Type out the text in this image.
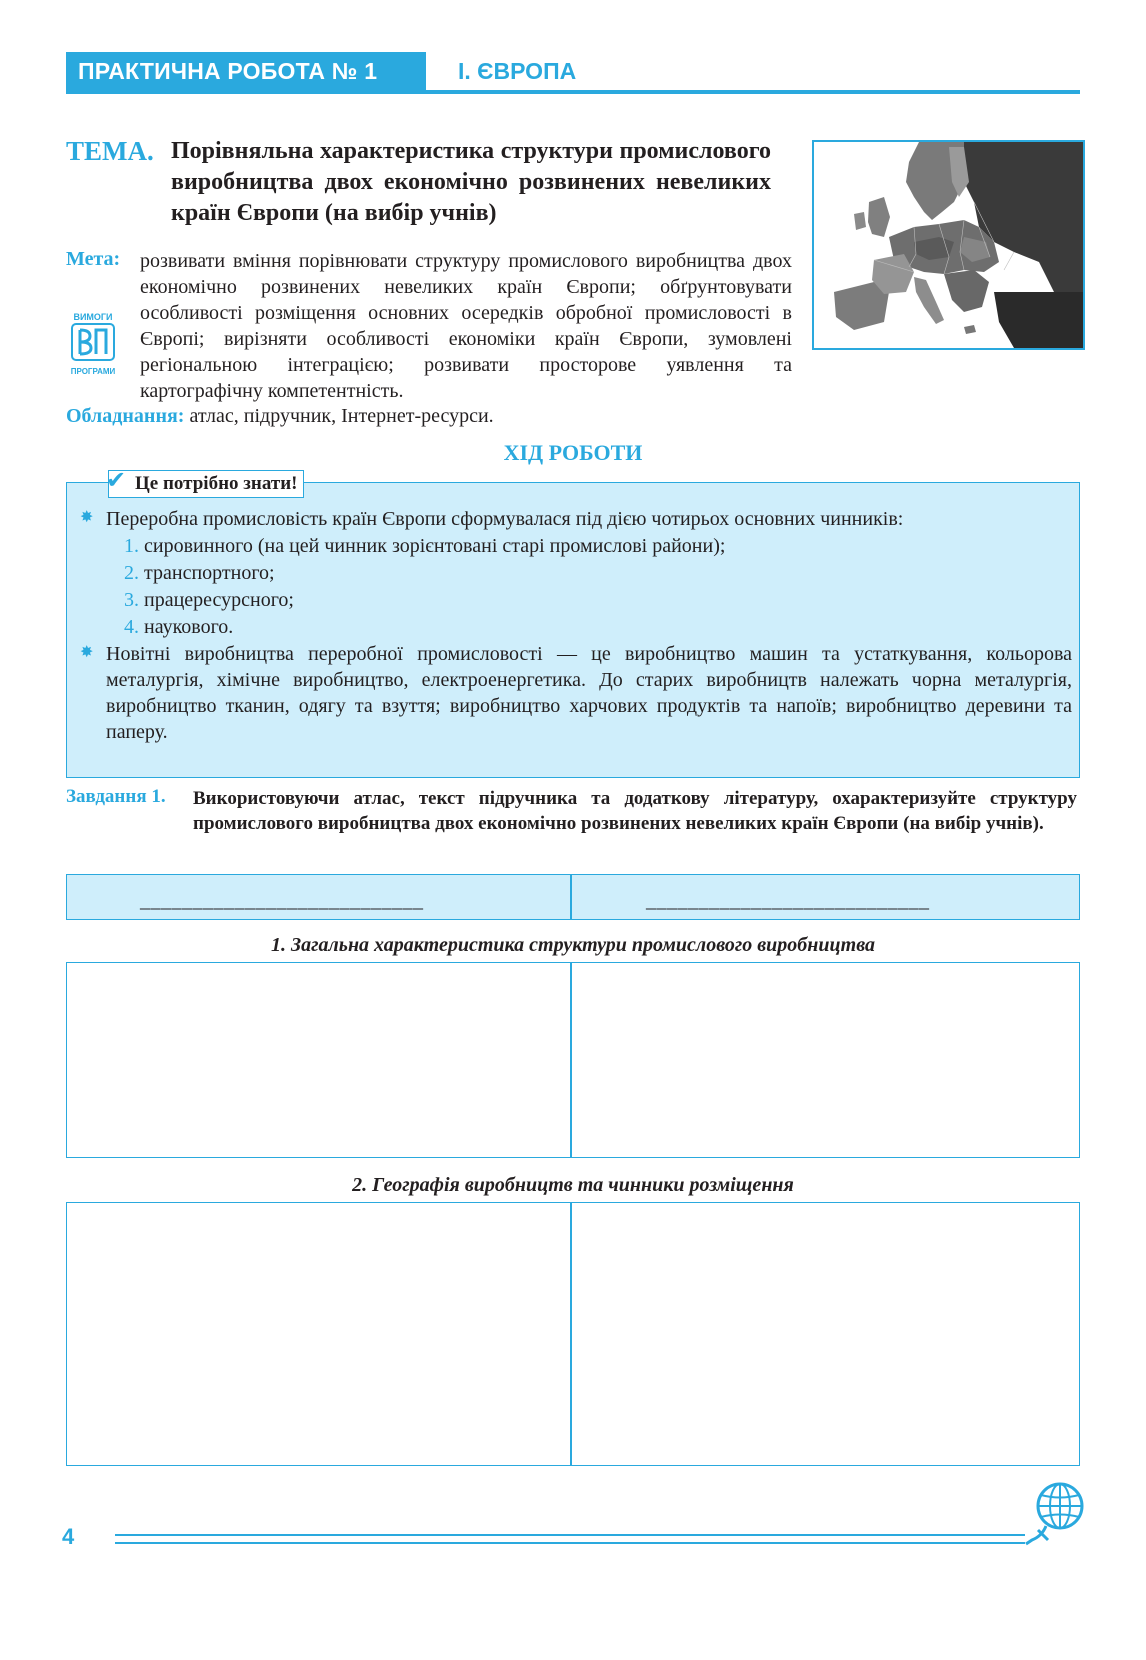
ПРАКТИЧНА РОБОТА № 1	I. ЄВРОПА
ТЕМА. Порівняльна характеристика структури промислового виробництва двох економічно розвинених невеликих країн Європи (на вибір учнів)
Мета: розвивати вміння порівнювати структуру промислового виробництва двох економічно розвинених невеликих країн Європи; обґрунтовувати особливості розміщення основних осередків обробної промисловості в Європі; вирізняти особливості економіки країн Європи, зумовлені регіональною інтеграцією; розвивати просторове уявлення та картографічну компетентність.
ВИМОГИ
ПРОГРАМИ
Обладнання: атлас, підручник, Інтернет-ресурси.
ХІД РОБОТИ
Це потрібно знати!
✔
✸ Переробна промисловість країн Європи сформувалася під дією чотирьох основних чинників:
1. сировинного (на цей чинник зорієнтовані старі промислові райони);
2. транспортного;
3. працересурсного;
4. наукового.
✸ Новітні виробництва переробної промисловості — це виробництво машин та устаткування, кольорова металургія, хімічне виробництво, електроенергетика. До старих виробництв належать чорна металургія, виробництво тканин, одягу та взуття; виробництво харчових продуктів та напоїв; виробництво деревини та паперу.
Завдання 1. Використовуючи атлас, текст підручника та додаткову літературу, охарактеризуйте структуру промислового виробництва двох економічно розвинених невеликих країн Європи (на вибір учнів).
___________________________	___________________________
1. Загальна характеристика структури промислового виробництва
2. Географія виробництв та чинники розміщення
4
